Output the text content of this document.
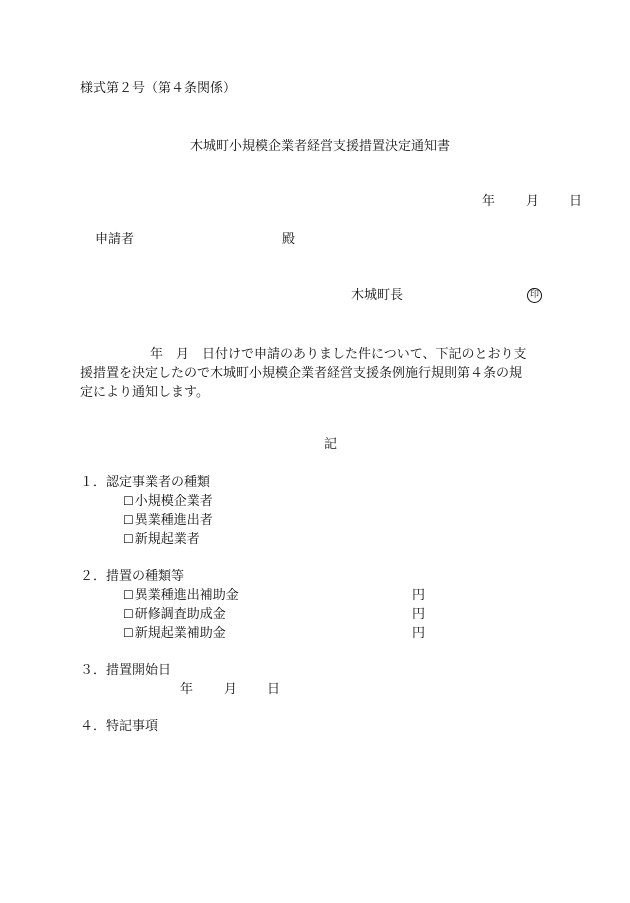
様式第２号（第４条関係）
木城町小規模企業者経営支援措置決定通知書
年 月 日
申請者	殿
木城町長	印
年　月　日付けで申請のありました件について、下記のとおり支
援措置を決定したので木城町小規模企業者経営支援条例施行規則第４条の規
定により通知します。
記
１．認定事業者の種類
☐小規模企業者
☐異業種進出者
☐新規起業者
２．措置の種類等
☐異業種進出補助金	円
☐研修調査助成金	円
☐新規起業補助金	円
３．措置開始日
年 月 日
４．特記事項
